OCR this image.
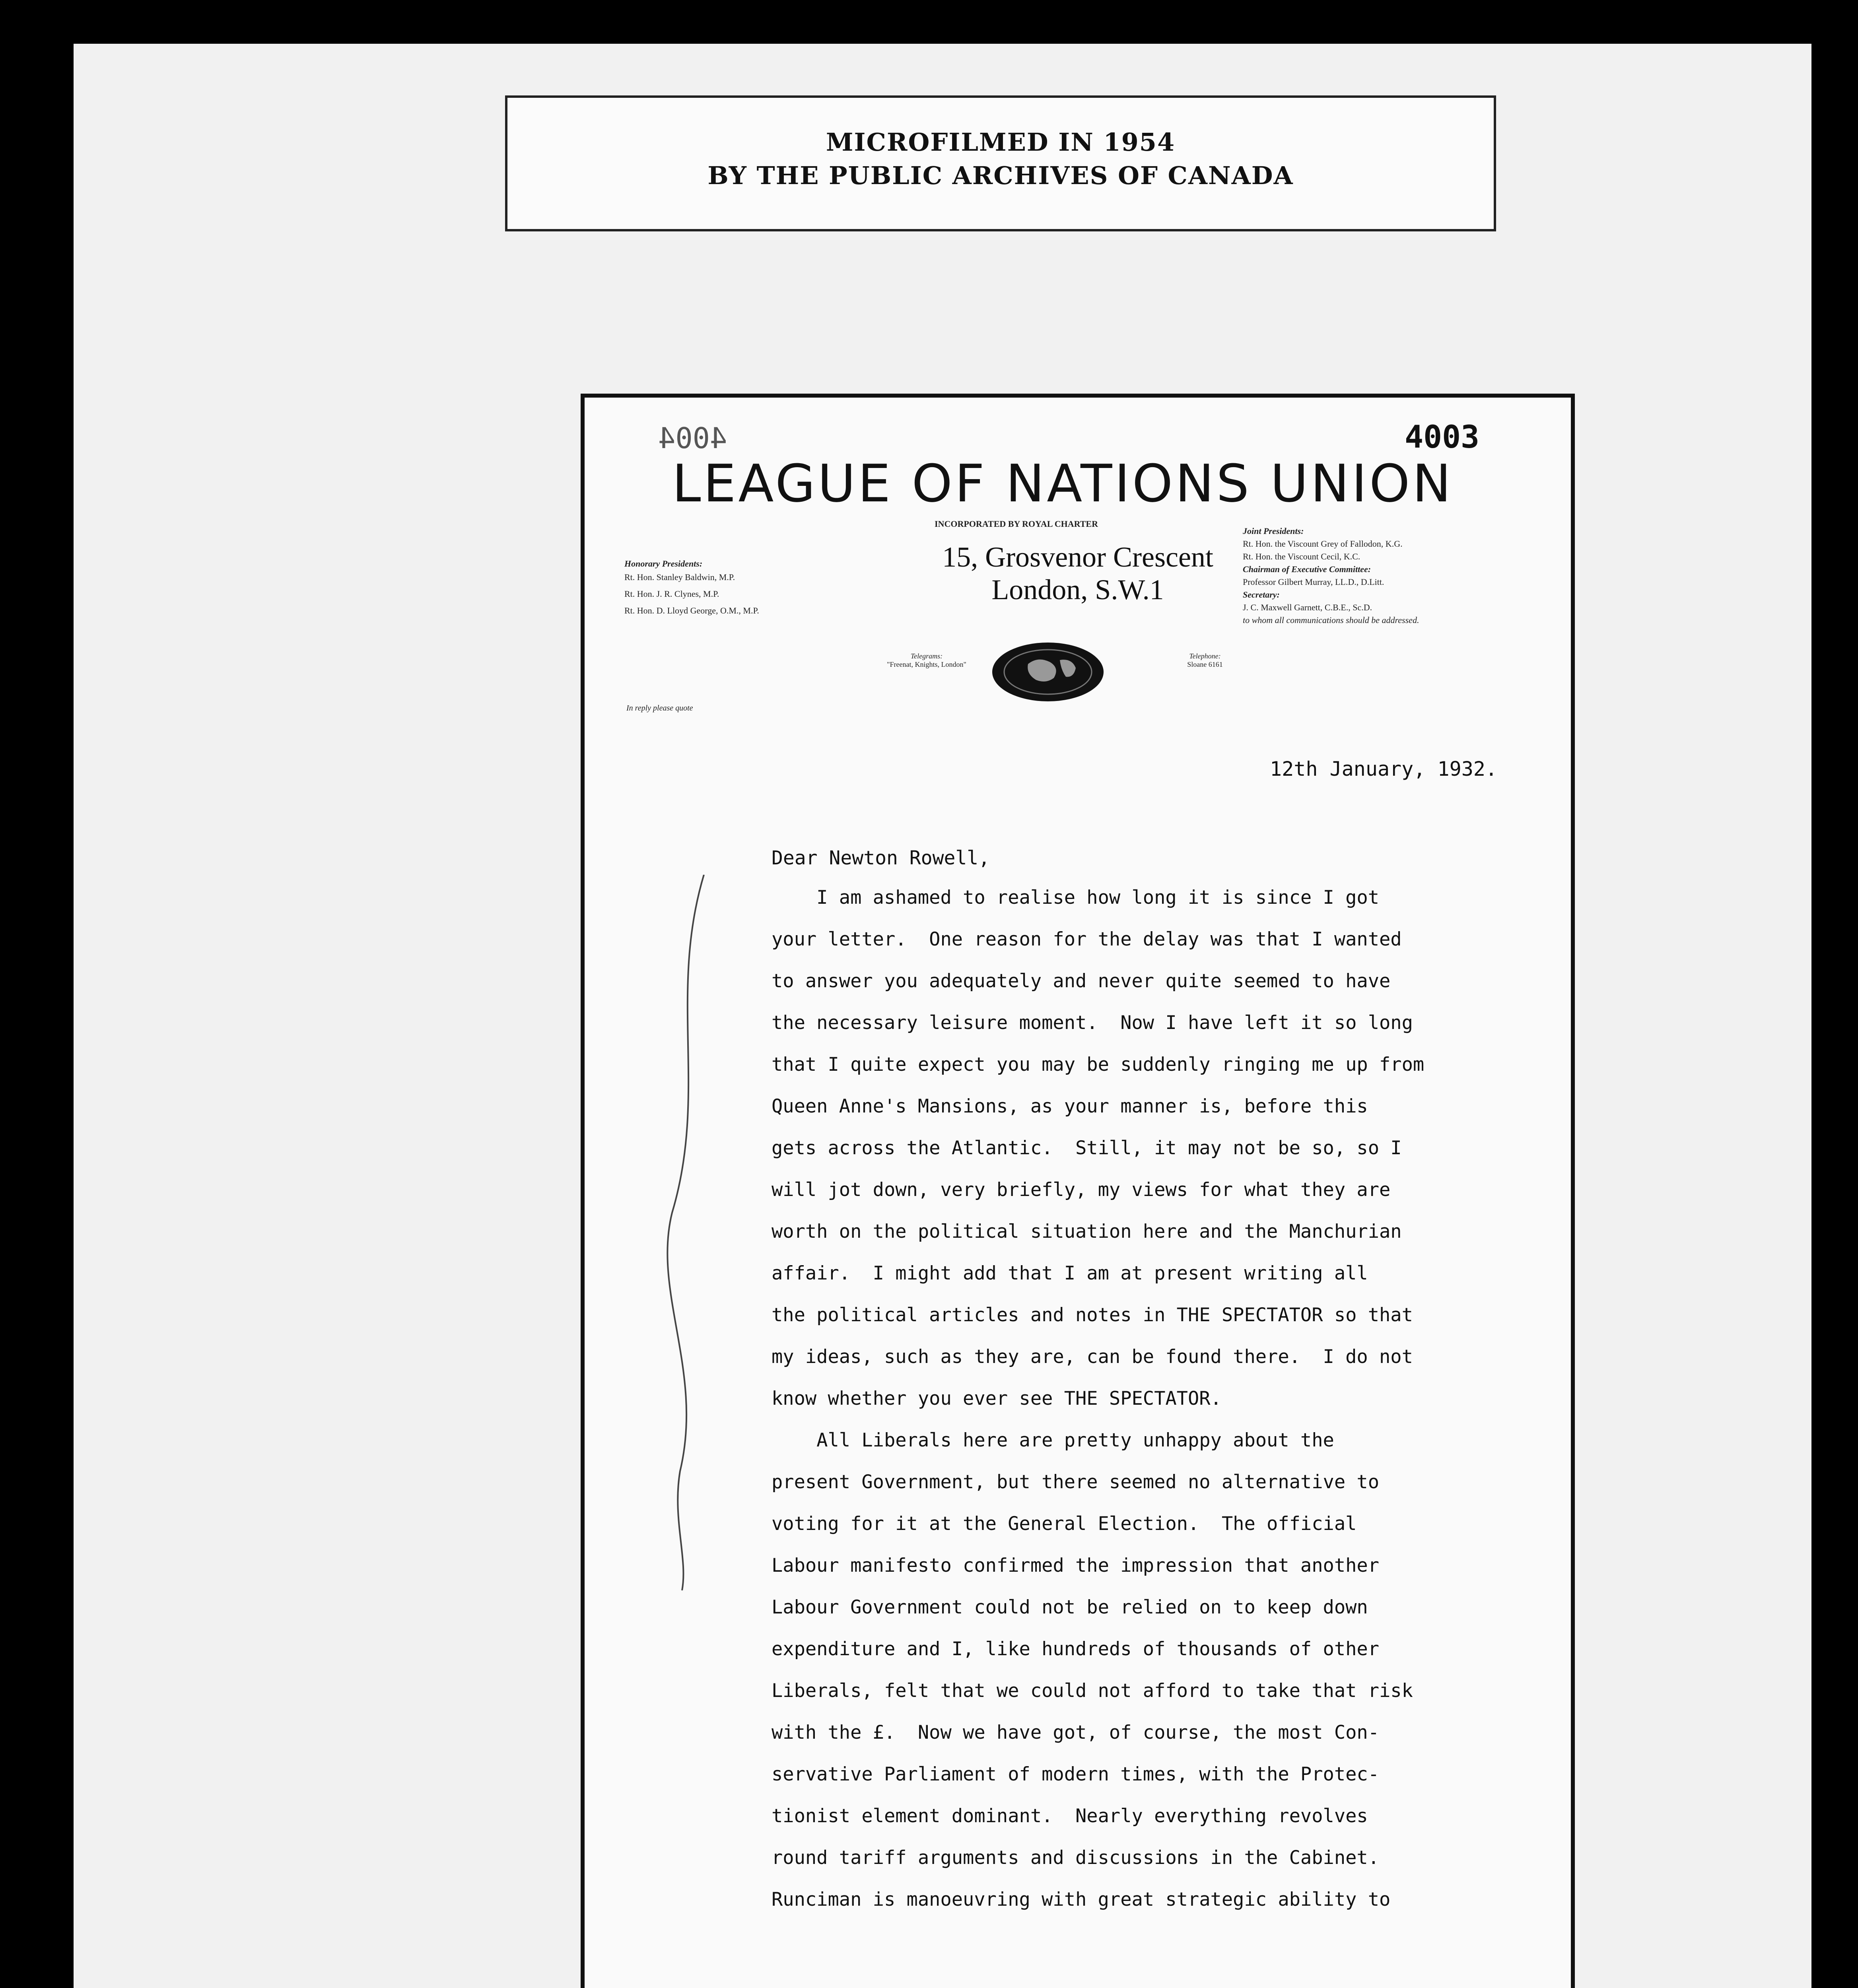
MICROFILMED IN 1954
BY THE PUBLIC ARCHIVES OF CANADA
4004	4003
LEAGUE OF NATIONS UNION
INCORPORATED BY ROYAL CHARTER
15, Grosvenor Crescent
London, S.W.1
Honorary Presidents:
Rt. Hon. Stanley Baldwin, M.P.
Rt. Hon. J. R. Clynes, M.P.
Rt. Hon. D. Lloyd George, O.M., M.P.
Joint Presidents:
Rt. Hon. the Viscount Grey of Fallodon, K.G.
Rt. Hon. the Viscount Cecil, K.C.
Chairman of Executive Committee:
Professor Gilbert Murray, LL.D., D.Litt.
Secretary:
J. C. Maxwell Garnett, C.B.E., Sc.D.
to whom all communications should be addressed.
Telegrams:
"Freenat, Knights, London"
Telephone:
Sloane 6161
In reply please quote
12th January, 1932.
Dear Newton Rowell,
I am ashamed to realise how long it is since I got
your letter.  One reason for the delay was that I wanted
to answer you adequately and never quite seemed to have
the necessary leisure moment.  Now I have left it so long
that I quite expect you may be suddenly ringing me up from
Queen Anne's Mansions, as your manner is, before this
gets across the Atlantic.  Still, it may not be so, so I
will jot down, very briefly, my views for what they are
worth on the political situation here and the Manchurian
affair.  I might add that I am at present writing all
the political articles and notes in THE SPECTATOR so that
my ideas, such as they are, can be found there.  I do not
know whether you ever see THE SPECTATOR.
All Liberals here are pretty unhappy about the
present Government, but there seemed no alternative to
voting for it at the General Election.  The official
Labour manifesto confirmed the impression that another
Labour Government could not be relied on to keep down
expenditure and I, like hundreds of thousands of other
Liberals, felt that we could not afford to take that risk
with the £.  Now we have got, of course, the most Con-
servative Parliament of modern times, with the Protec-
tionist element dominant.  Nearly everything revolves
round tariff arguments and discussions in the Cabinet.
Runciman is manoeuvring with great strategic ability to
